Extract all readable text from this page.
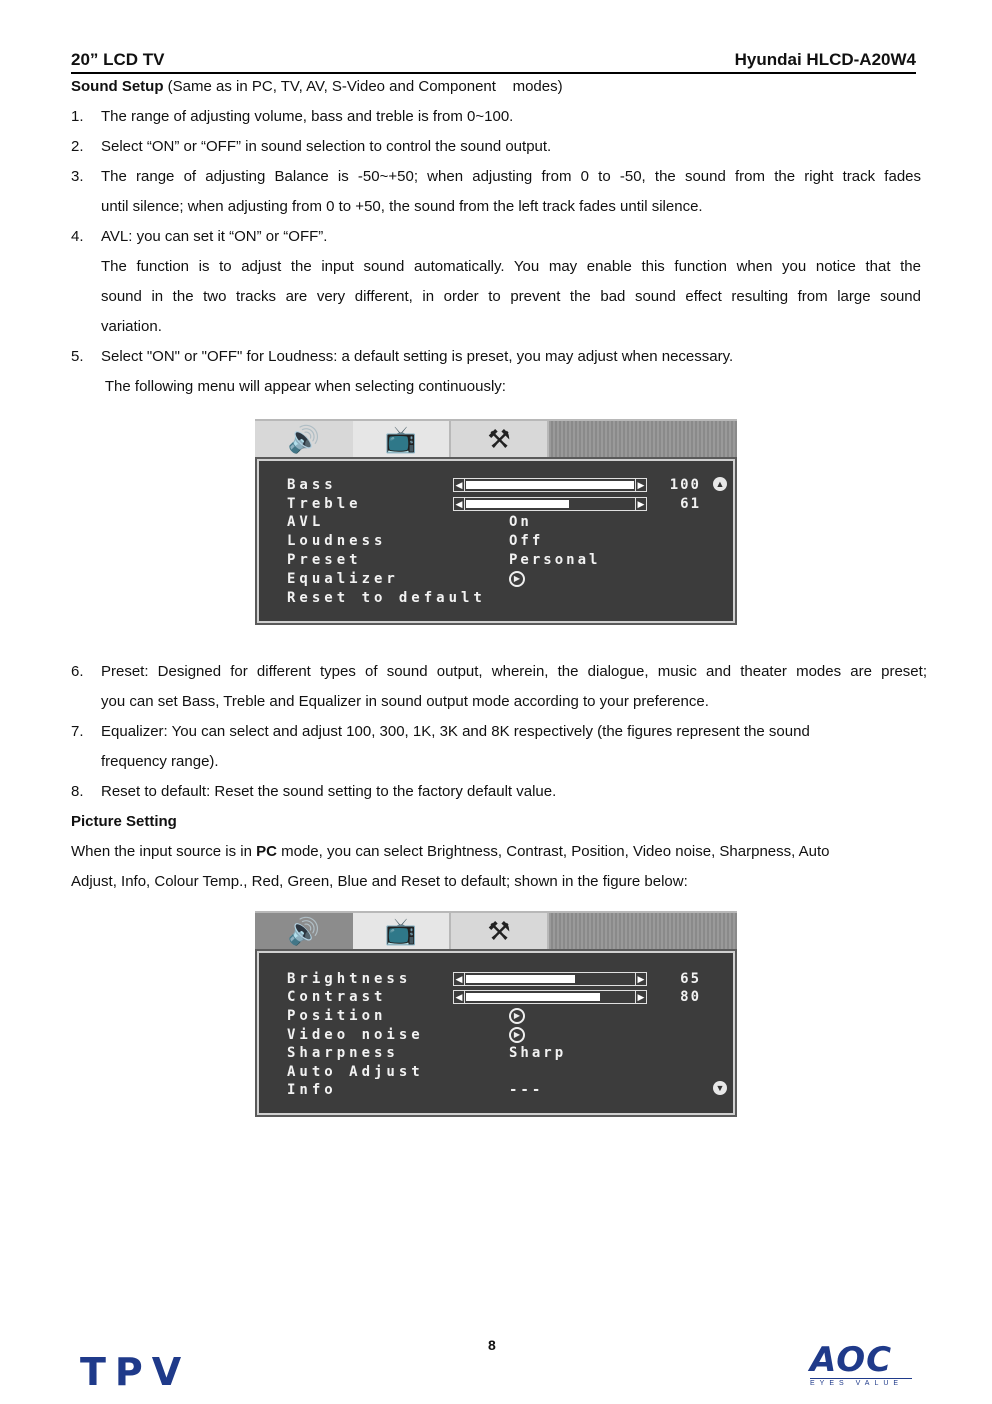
20” LCD TV	Hyundai HLCD-A20W4
Sound Setup (Same as in PC, TV, AV, S-Video and Component    modes)
1. The range of adjusting volume, bass and treble is from 0~100.
2. Select “ON” or “OFF” in sound selection to control the sound output.
3. The range of adjusting Balance is -50~+50; when adjusting from 0 to -50, the sound from the right track fades
until silence; when adjusting from 0 to +50, the sound from the left track fades until silence.
4. AVL: you can set it “ON” or “OFF”.
The function is to adjust the input sound automatically. You may enable this function when you notice that the
sound in the two tracks are very different, in order to prevent the bad sound effect resulting from large sound
variation.
5. Select "ON" or "OFF" for Loudness: a default setting is preset, you may adjust when necessary.
The following menu will appear when selecting continuously:
🔊	📺	⚒
Bass	◀	▶	100 ▲
Treble	◀	▶	61
AVL	On
Loudness	Off
Preset	Personal
Equalizer	▶
Reset to default
6. Preset: Designed for different types of sound output, wherein, the dialogue, music and theater modes are preset;
you can set Bass, Treble and Equalizer in sound output mode according to your preference.
7. Equalizer: You can select and adjust 100, 300, 1K, 3K and 8K respectively (the figures represent the sound
frequency range).
8. Reset to default: Reset the sound setting to the factory default value.
Picture Setting
When the input source is in PC mode, you can select Brightness, Contrast, Position, Video noise, Sharpness, Auto
Adjust, Info, Colour Temp., Red, Green, Blue and Reset to default; shown in the figure below:
🔊	📺	⚒
Brightness	◀	▶	65
Contrast	◀	▶	80
Position	▶
Video noise	▶
Sharpness	Sharp
Auto Adjust
Info	---	▼
8
TPV	AOC
EYES VALUE
